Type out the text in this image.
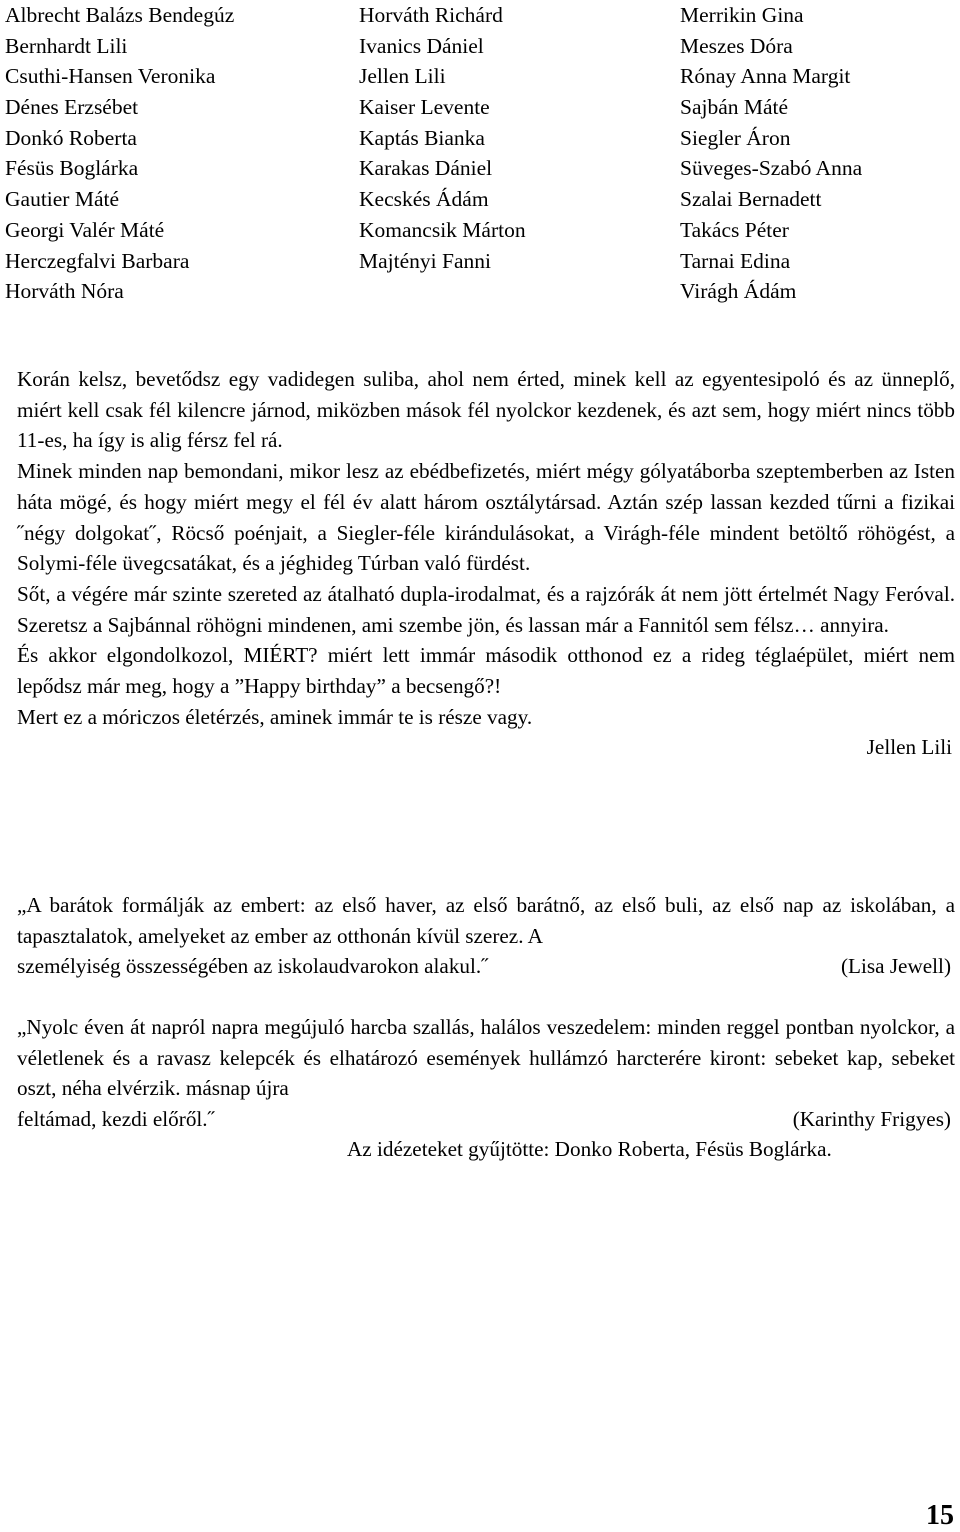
Albrecht Balázs Bendegúz
Bernhardt Lili
Csuthi-Hansen Veronika
Dénes Erzsébet
Donkó Roberta
Fésüs Boglárka
Gautier Máté
Georgi Valér Máté
Herczegfalvi Barbara
Horváth Nóra
Horváth Richárd
Ivanics Dániel
Jellen Lili
Kaiser Levente
Kaptás Bianka
Karakas Dániel
Kecskés Ádám
Komancsik Márton
Majtényi Fanni
Merrikin Gina
Meszes Dóra
Rónay Anna Margit
Sajbán Máté
Siegler Áron
Süveges-Szabó Anna
Szalai Bernadett
Takács Péter
Tarnai Edina
Virágh Ádám

Korán kelsz, bevetődsz egy vadidegen suliba, ahol nem érted, minek kell az egyentesipoló és az ünneplő, miért kell csak fél kilencre járnod, miközben mások fél nyolckor kezdenek, és azt sem, hogy miért nincs több 11-es, ha így is alig férsz fel rá.

Minek minden nap bemondani, mikor lesz az ebédbefizetés, miért mégy gólyatáborba szeptemberben az Isten háta mögé, és hogy miért megy el fél év alatt három osztálytársad. Aztán szép lassan kezded tűrni a fizikai ˝négy dolgokat˝, Röcső poénjait, a Siegler-féle kirándulásokat, a Virágh-féle mindent betöltő röhögést, a Solymi-féle üvegcsatákat, és a jéghideg Túrban való fürdést.

Sőt, a végére már szinte szereted az átalható dupla-irodalmat, és a rajzórák át nem jött értelmét Nagy Feróval. Szeretsz a Sajbánnal röhögni mindenen, ami szembe jön, és lassan már a Fannitól sem félsz… annyira.

És akkor elgondolkozol, MIÉRT? miért lett immár második otthonod ez a rideg téglaépület, miért nem lepődsz már meg, hogy a ”Happy birthday” a becsengő?!

Mert ez a móriczos életérzés, aminek immár te is része vagy.

Jellen Lili

„A barátok formálják az embert: az első haver, az első barátnő, az első buli, az első nap az iskolában, a tapasztalatok, amelyeket az ember az otthonán kívül szerez. A

személyiség összességében az iskolaudvarokon alakul.˝	(Lisa Jewell)

„Nyolc éven át napról napra megújuló harcba szallás, halálos veszedelem: minden reggel pontban nyolckor, a véletlenek és a ravasz kelepcék és elhatározó események hullámzó harcterére kiront: sebeket kap, sebeket oszt, néha elvérzik. másnap újra

feltámad, kezdi előről.˝	(Karinthy Frigyes)
Az idézeteket gyűjtötte: Donko Roberta, Fésüs Boglárka.
15
